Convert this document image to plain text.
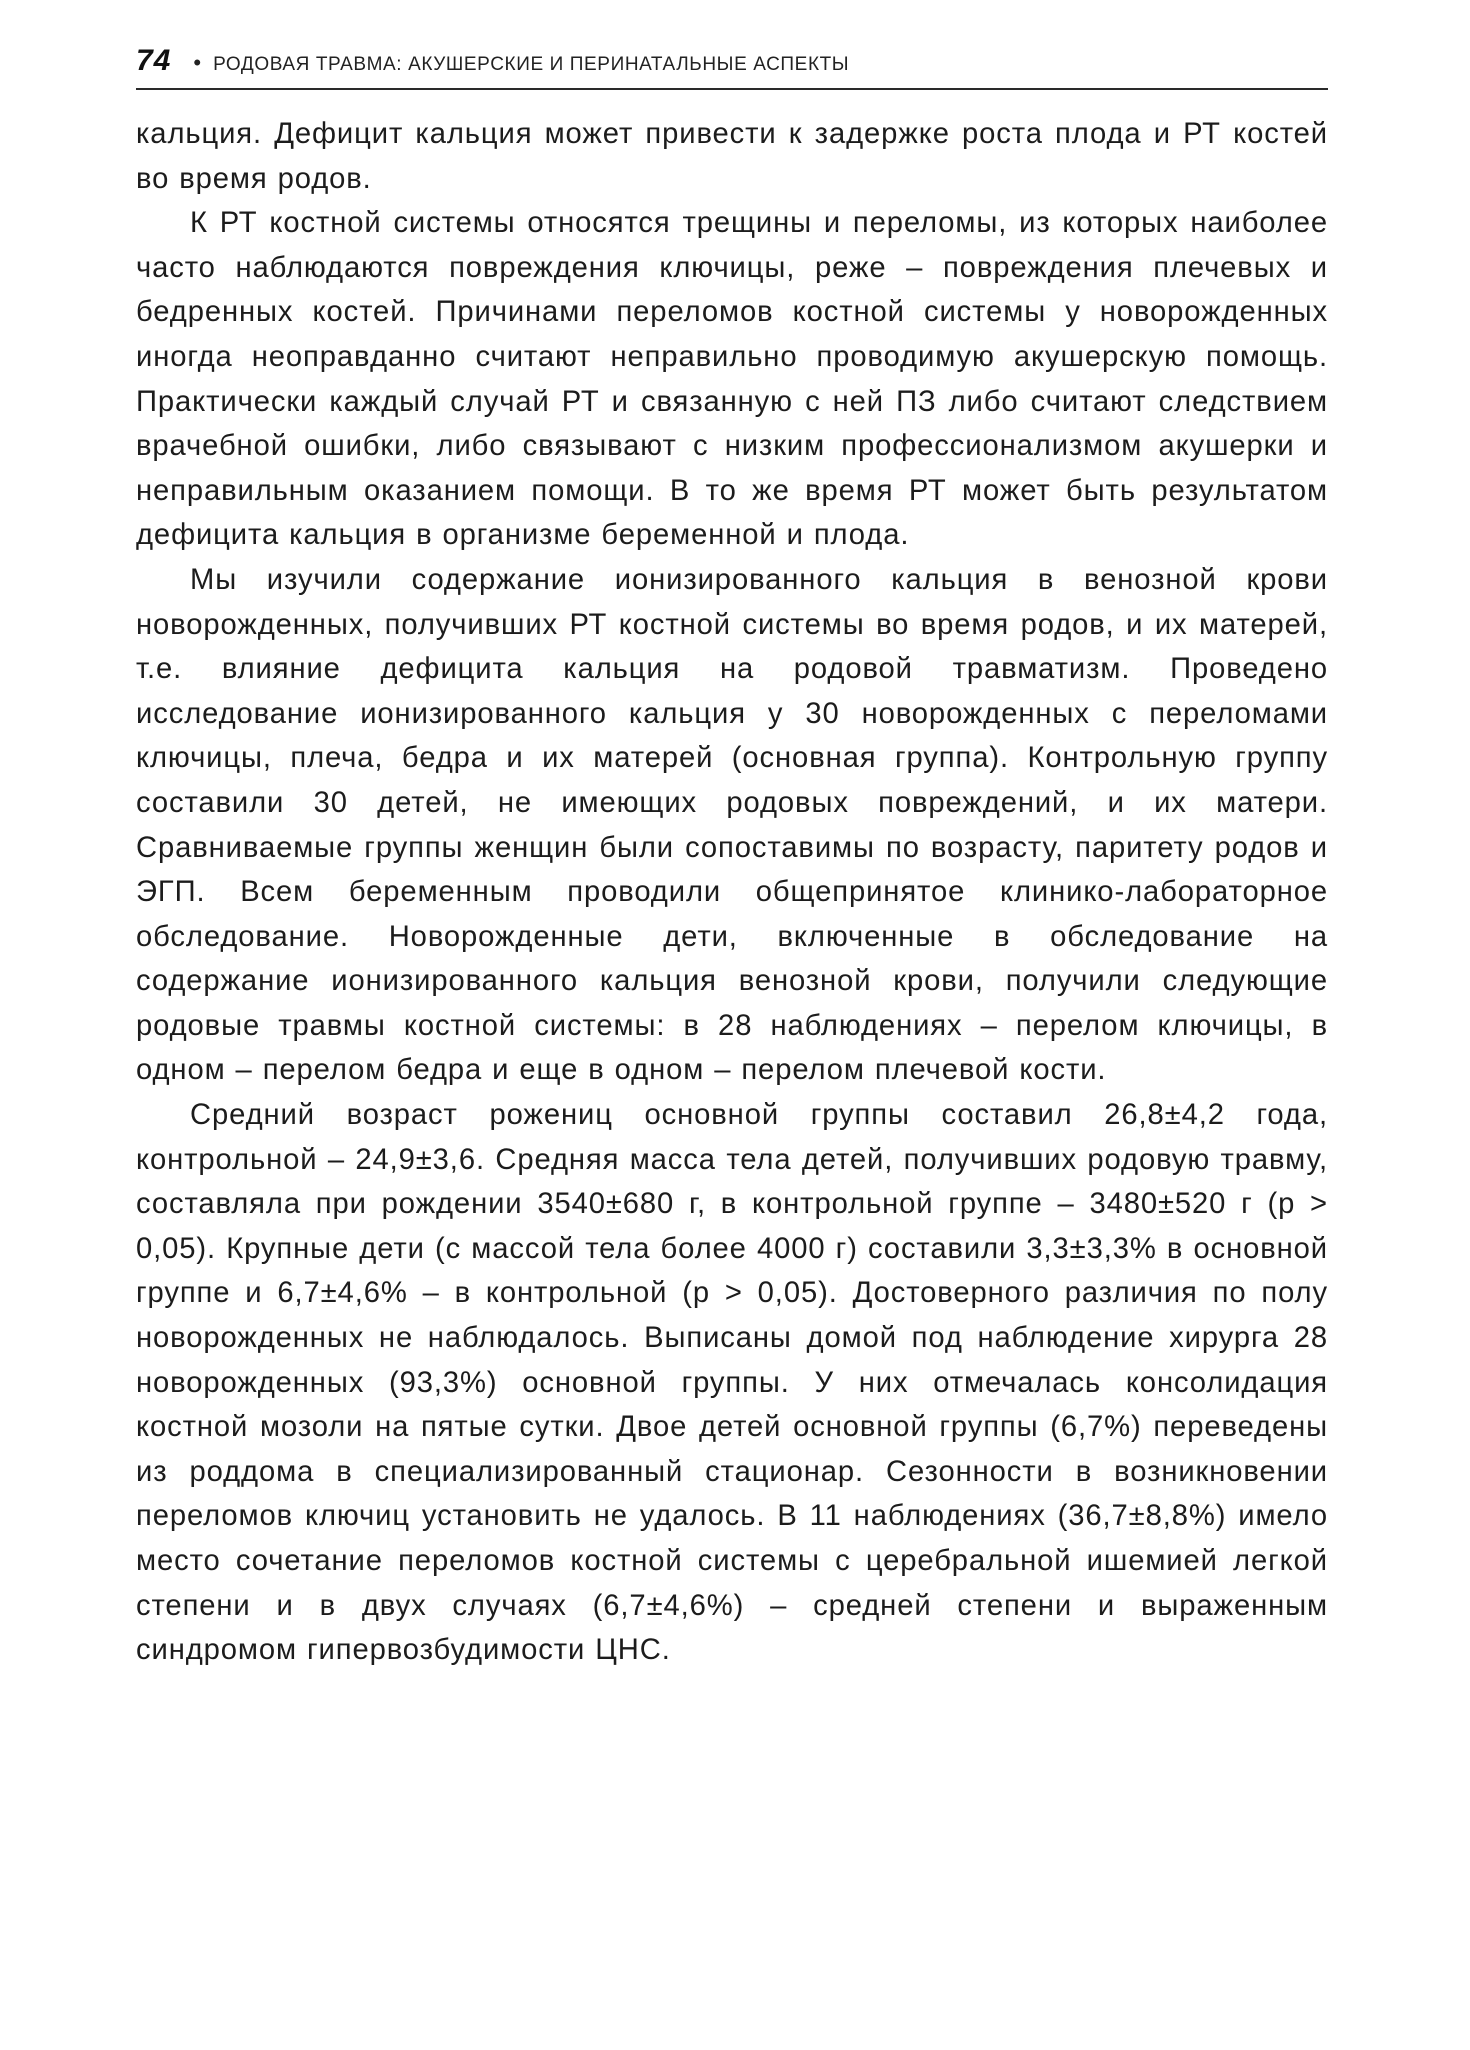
74 • РОДОВАЯ ТРАВМА: АКУШЕРСКИЕ И ПЕРИНАТАЛЬНЫЕ АСПЕКТЫ

кальция. Дефицит кальция может привести к задержке роста плода и РТ костей во время родов.

К РТ костной системы относятся трещины и переломы, из которых наиболее часто наблюдаются повреждения ключицы, реже – повреждения плечевых и бедренных костей. Причинами переломов костной системы у новорожденных иногда неоправданно считают неправильно проводимую акушерскую помощь. Практически каждый случай РТ и связанную с ней ПЗ либо считают следствием врачебной ошибки, либо связывают с низким профессионализмом акушерки и неправильным оказанием помощи. В то же время РТ может быть результатом дефицита кальция в организме беременной и плода.

Мы изучили содержание ионизированного кальция в венозной крови новорожденных, получивших РТ костной системы во время родов, и их матерей, т.е. влияние дефицита кальция на родовой травматизм. Проведено исследование ионизированного кальция у 30 новорожденных с переломами ключицы, плеча, бедра и их матерей (основная группа). Контрольную группу составили 30 детей, не имеющих родовых повреждений, и их матери. Сравниваемые группы женщин были сопоставимы по возрасту, паритету родов и ЭГП. Всем беременным проводили общепринятое клинико-лабораторное обследование. Новорожденные дети, включенные в обследование на содержание ионизированного кальция венозной крови, получили следующие родовые травмы костной системы: в 28 наблюдениях – перелом ключицы, в одном – перелом бедра и еще в одном – перелом плечевой кости.

Средний возраст рожениц основной группы составил 26,8±4,2 года, контрольной – 24,9±3,6. Средняя масса тела детей, получивших родовую травму, составляла при рождении 3540±680 г, в контрольной группе – 3480±520 г (p > 0,05). Крупные дети (с массой тела более 4000 г) составили 3,3±3,3% в основной группе и 6,7±4,6% – в контрольной (p > 0,05). Достоверного различия по полу новорожденных не наблюдалось. Выписаны домой под наблюдение хирурга 28 новорожденных (93,3%) основной группы. У них отмечалась консолидация костной мозоли на пятые сутки. Двое детей основной группы (6,7%) переведены из роддома в специализированный стационар. Сезонности в возникновении переломов ключиц установить не удалось. В 11 наблюдениях (36,7±8,8%) имело место сочетание переломов костной системы с церебральной ишемией легкой степени и в двух случаях (6,7±4,6%) – средней степени и выраженным синдромом гипервозбудимости ЦНС.
